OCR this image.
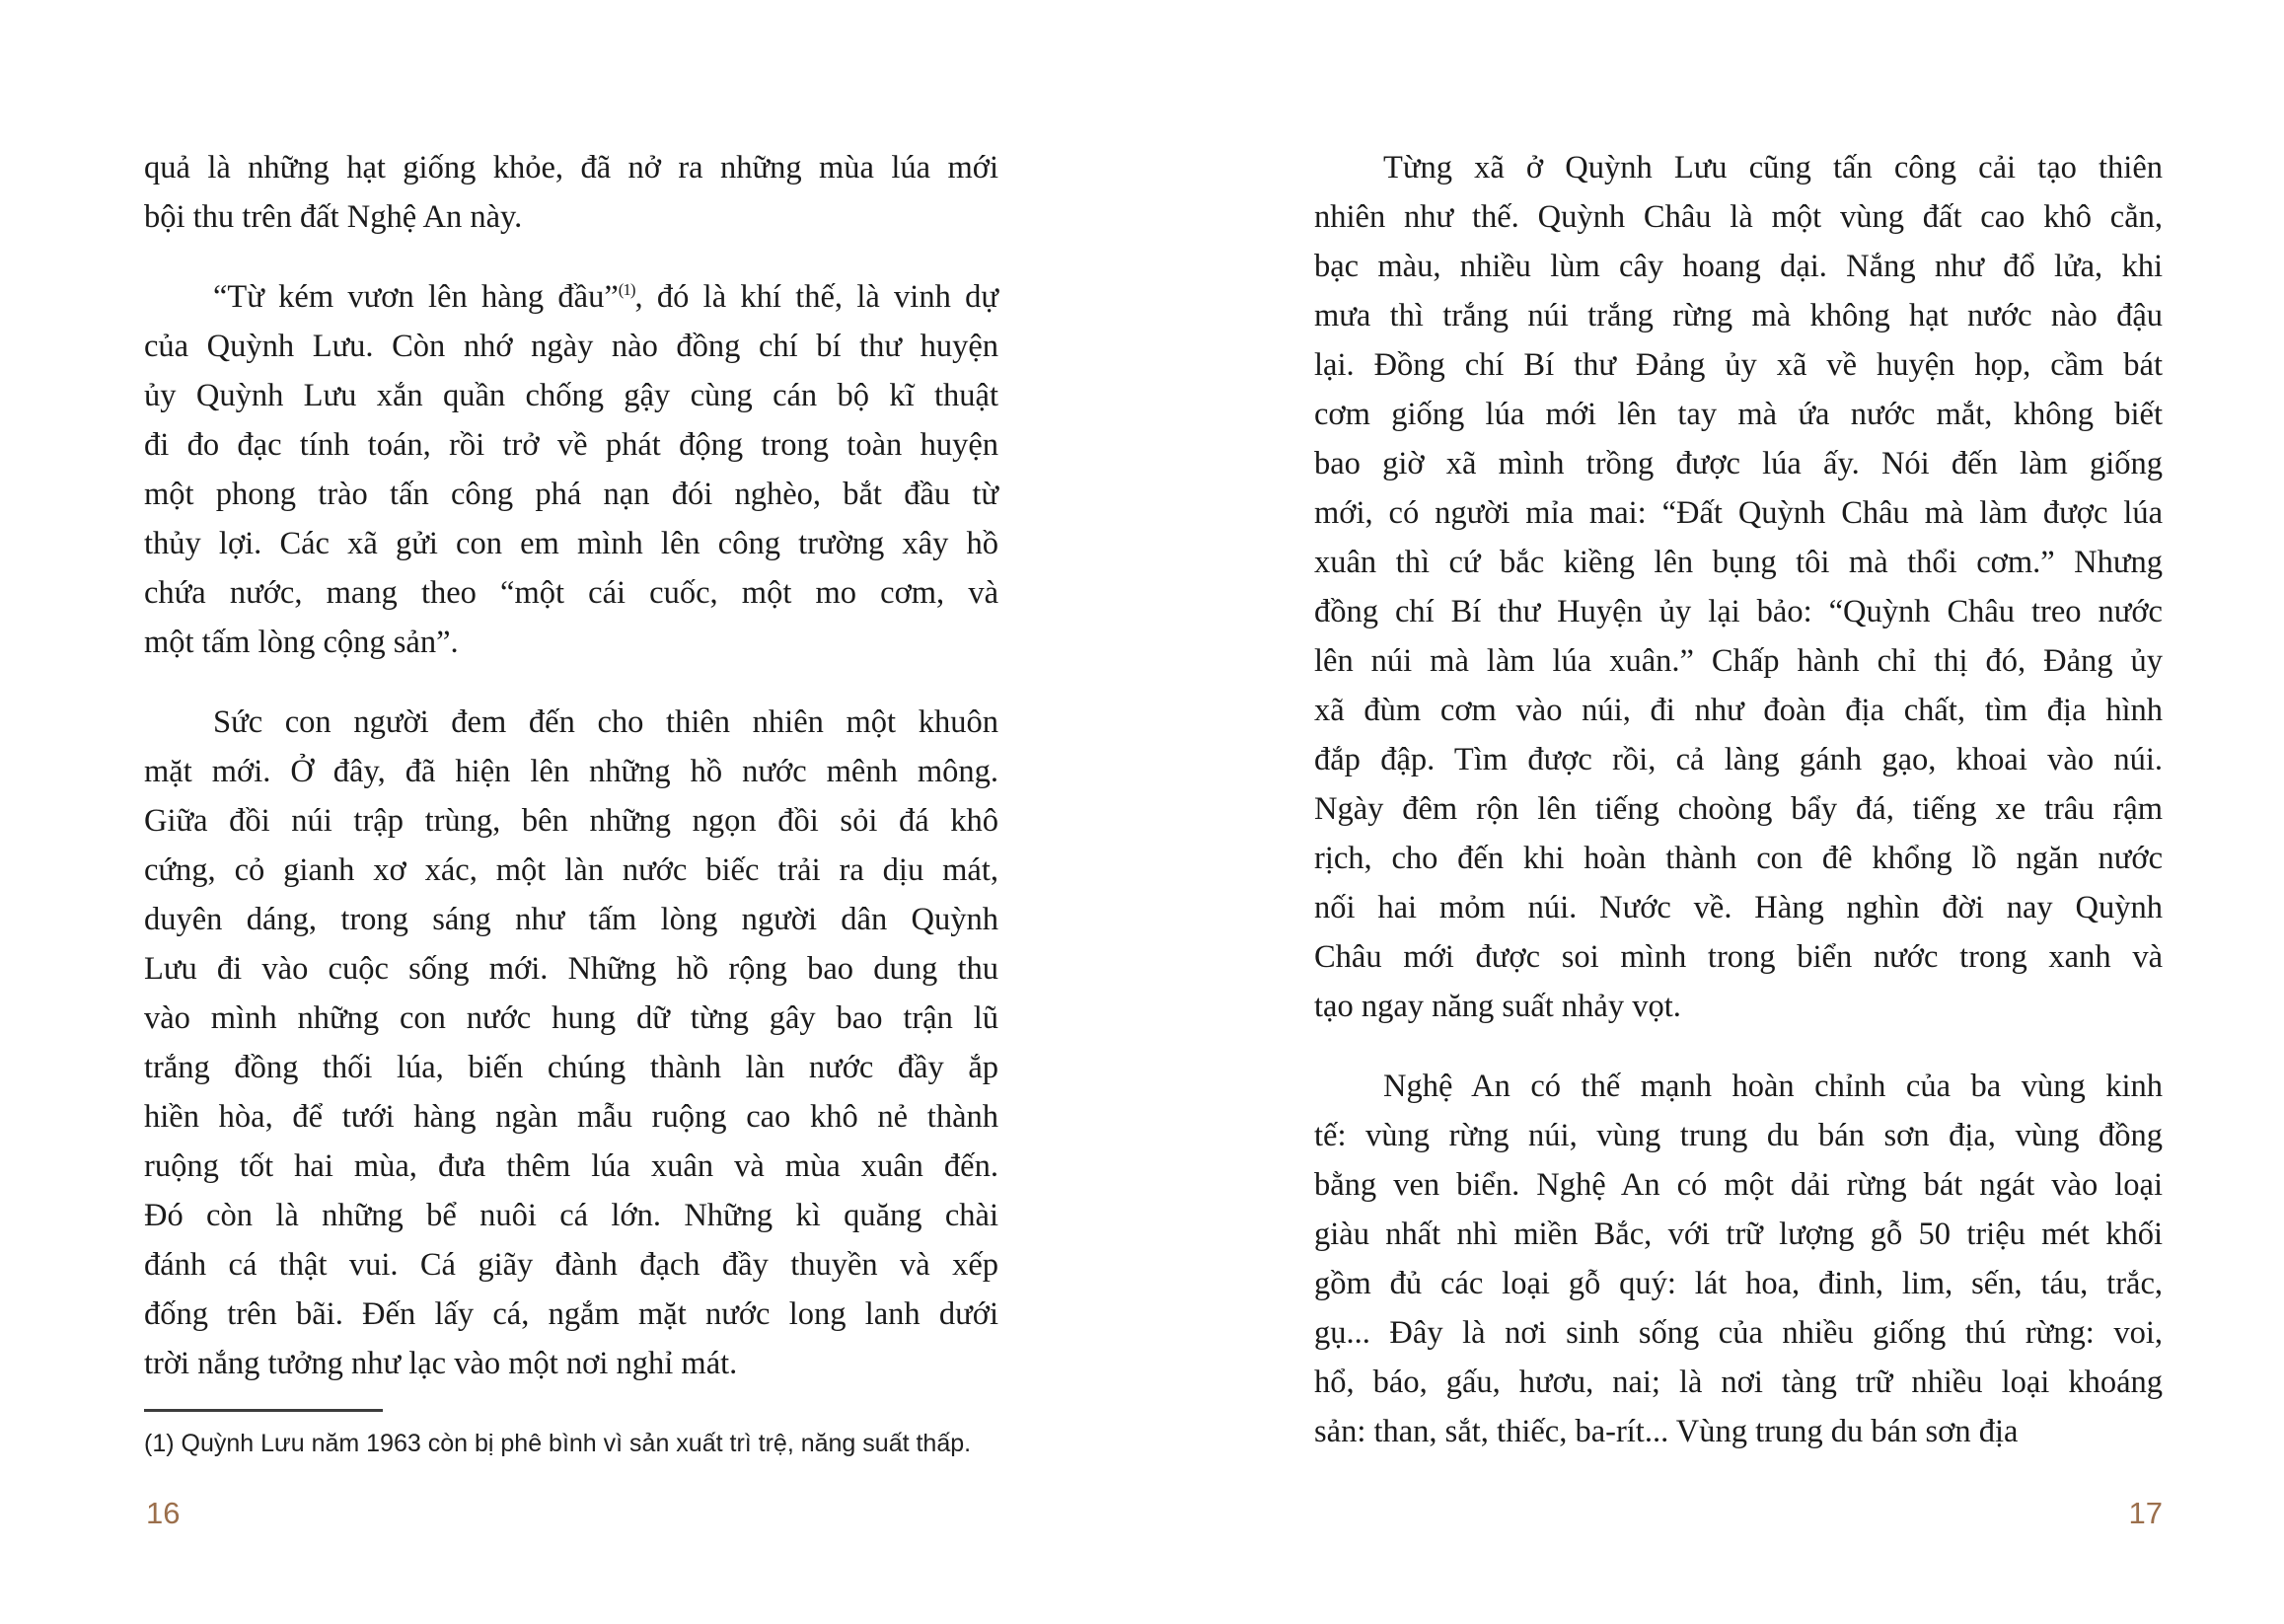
quả là những hạt giống khỏe, đã nở ra những mùa lúa mới
bội thu trên đất Nghệ An này.
“Từ kém vươn lên hàng đầu”$^{(1)}$, đó là khí thế, là vinh dự
của Quỳnh Lưu. Còn nhớ ngày nào đồng chí bí thư huyện
ủy Quỳnh Lưu xắn quần chống gậy cùng cán bộ kĩ thuật
đi đo đạc tính toán, rồi trở về phát động trong toàn huyện
một phong trào tấn công phá nạn đói nghèo, bắt đầu từ
thủy lợi. Các xã gửi con em mình lên công trường xây hồ
chứa nước, mang theo “một cái cuốc, một mo cơm, và
một tấm lòng cộng sản”.
Sức con người đem đến cho thiên nhiên một khuôn
mặt mới. Ở đây, đã hiện lên những hồ nước mênh mông.
Giữa đồi núi trập trùng, bên những ngọn đồi sỏi đá khô
cứng, cỏ gianh xơ xác, một làn nước biếc trải ra dịu mát,
duyên dáng, trong sáng như tấm lòng người dân Quỳnh
Lưu đi vào cuộc sống mới. Những hồ rộng bao dung thu
vào mình những con nước hung dữ từng gây bao trận lũ
trắng đồng thối lúa, biến chúng thành làn nước đầy ắp
hiền hòa, để tưới hàng ngàn mẫu ruộng cao khô nẻ thành
ruộng tốt hai mùa, đưa thêm lúa xuân và mùa xuân đến.
Đó còn là những bể nuôi cá lớn. Những kì quăng chài
đánh cá thật vui. Cá giãy đành đạch đầy thuyền và xếp
đống trên bãi. Đến lấy cá, ngắm mặt nước long lanh dưới
trời nắng tưởng như lạc vào một nơi nghỉ mát.
(1) Quỳnh Lưu năm 1963 còn bị phê bình vì sản xuất trì trệ, năng suất thấp.
16
Từng xã ở Quỳnh Lưu cũng tấn công cải tạo thiên
nhiên như thế. Quỳnh Châu là một vùng đất cao khô cằn,
bạc màu, nhiều lùm cây hoang dại. Nắng như đổ lửa, khi
mưa thì trắng núi trắng rừng mà không hạt nước nào đậu
lại. Đồng chí Bí thư Đảng ủy xã về huyện họp, cầm bát
cơm giống lúa mới lên tay mà ứa nước mắt, không biết
bao giờ xã mình trồng được lúa ấy. Nói đến làm giống
mới, có người mỉa mai: “Đất Quỳnh Châu mà làm được lúa
xuân thì cứ bắc kiềng lên bụng tôi mà thổi cơm.” Nhưng
đồng chí Bí thư Huyện ủy lại bảo: “Quỳnh Châu treo nước
lên núi mà làm lúa xuân.” Chấp hành chỉ thị đó, Đảng ủy
xã đùm cơm vào núi, đi như đoàn địa chất, tìm địa hình
đắp đập. Tìm được rồi, cả làng gánh gạo, khoai vào núi.
Ngày đêm rộn lên tiếng choòng bẩy đá, tiếng xe trâu rậm
rịch, cho đến khi hoàn thành con đê khổng lồ ngăn nước
nối hai mỏm núi. Nước về. Hàng nghìn đời nay Quỳnh
Châu mới được soi mình trong biển nước trong xanh và
tạo ngay năng suất nhảy vọt.
Nghệ An có thế mạnh hoàn chỉnh của ba vùng kinh
tế: vùng rừng núi, vùng trung du bán sơn địa, vùng đồng
bằng ven biển. Nghệ An có một dải rừng bát ngát vào loại
giàu nhất nhì miền Bắc, với trữ lượng gỗ 50 triệu mét khối
gồm đủ các loại gỗ quý: lát hoa, đinh, lim, sến, táu, trắc,
gụ... Đây là nơi sinh sống của nhiều giống thú rừng: voi,
hổ, báo, gấu, hươu, nai; là nơi tàng trữ nhiều loại khoáng
sản: than, sắt, thiếc, ba-rít... Vùng trung du bán sơn địa
17
